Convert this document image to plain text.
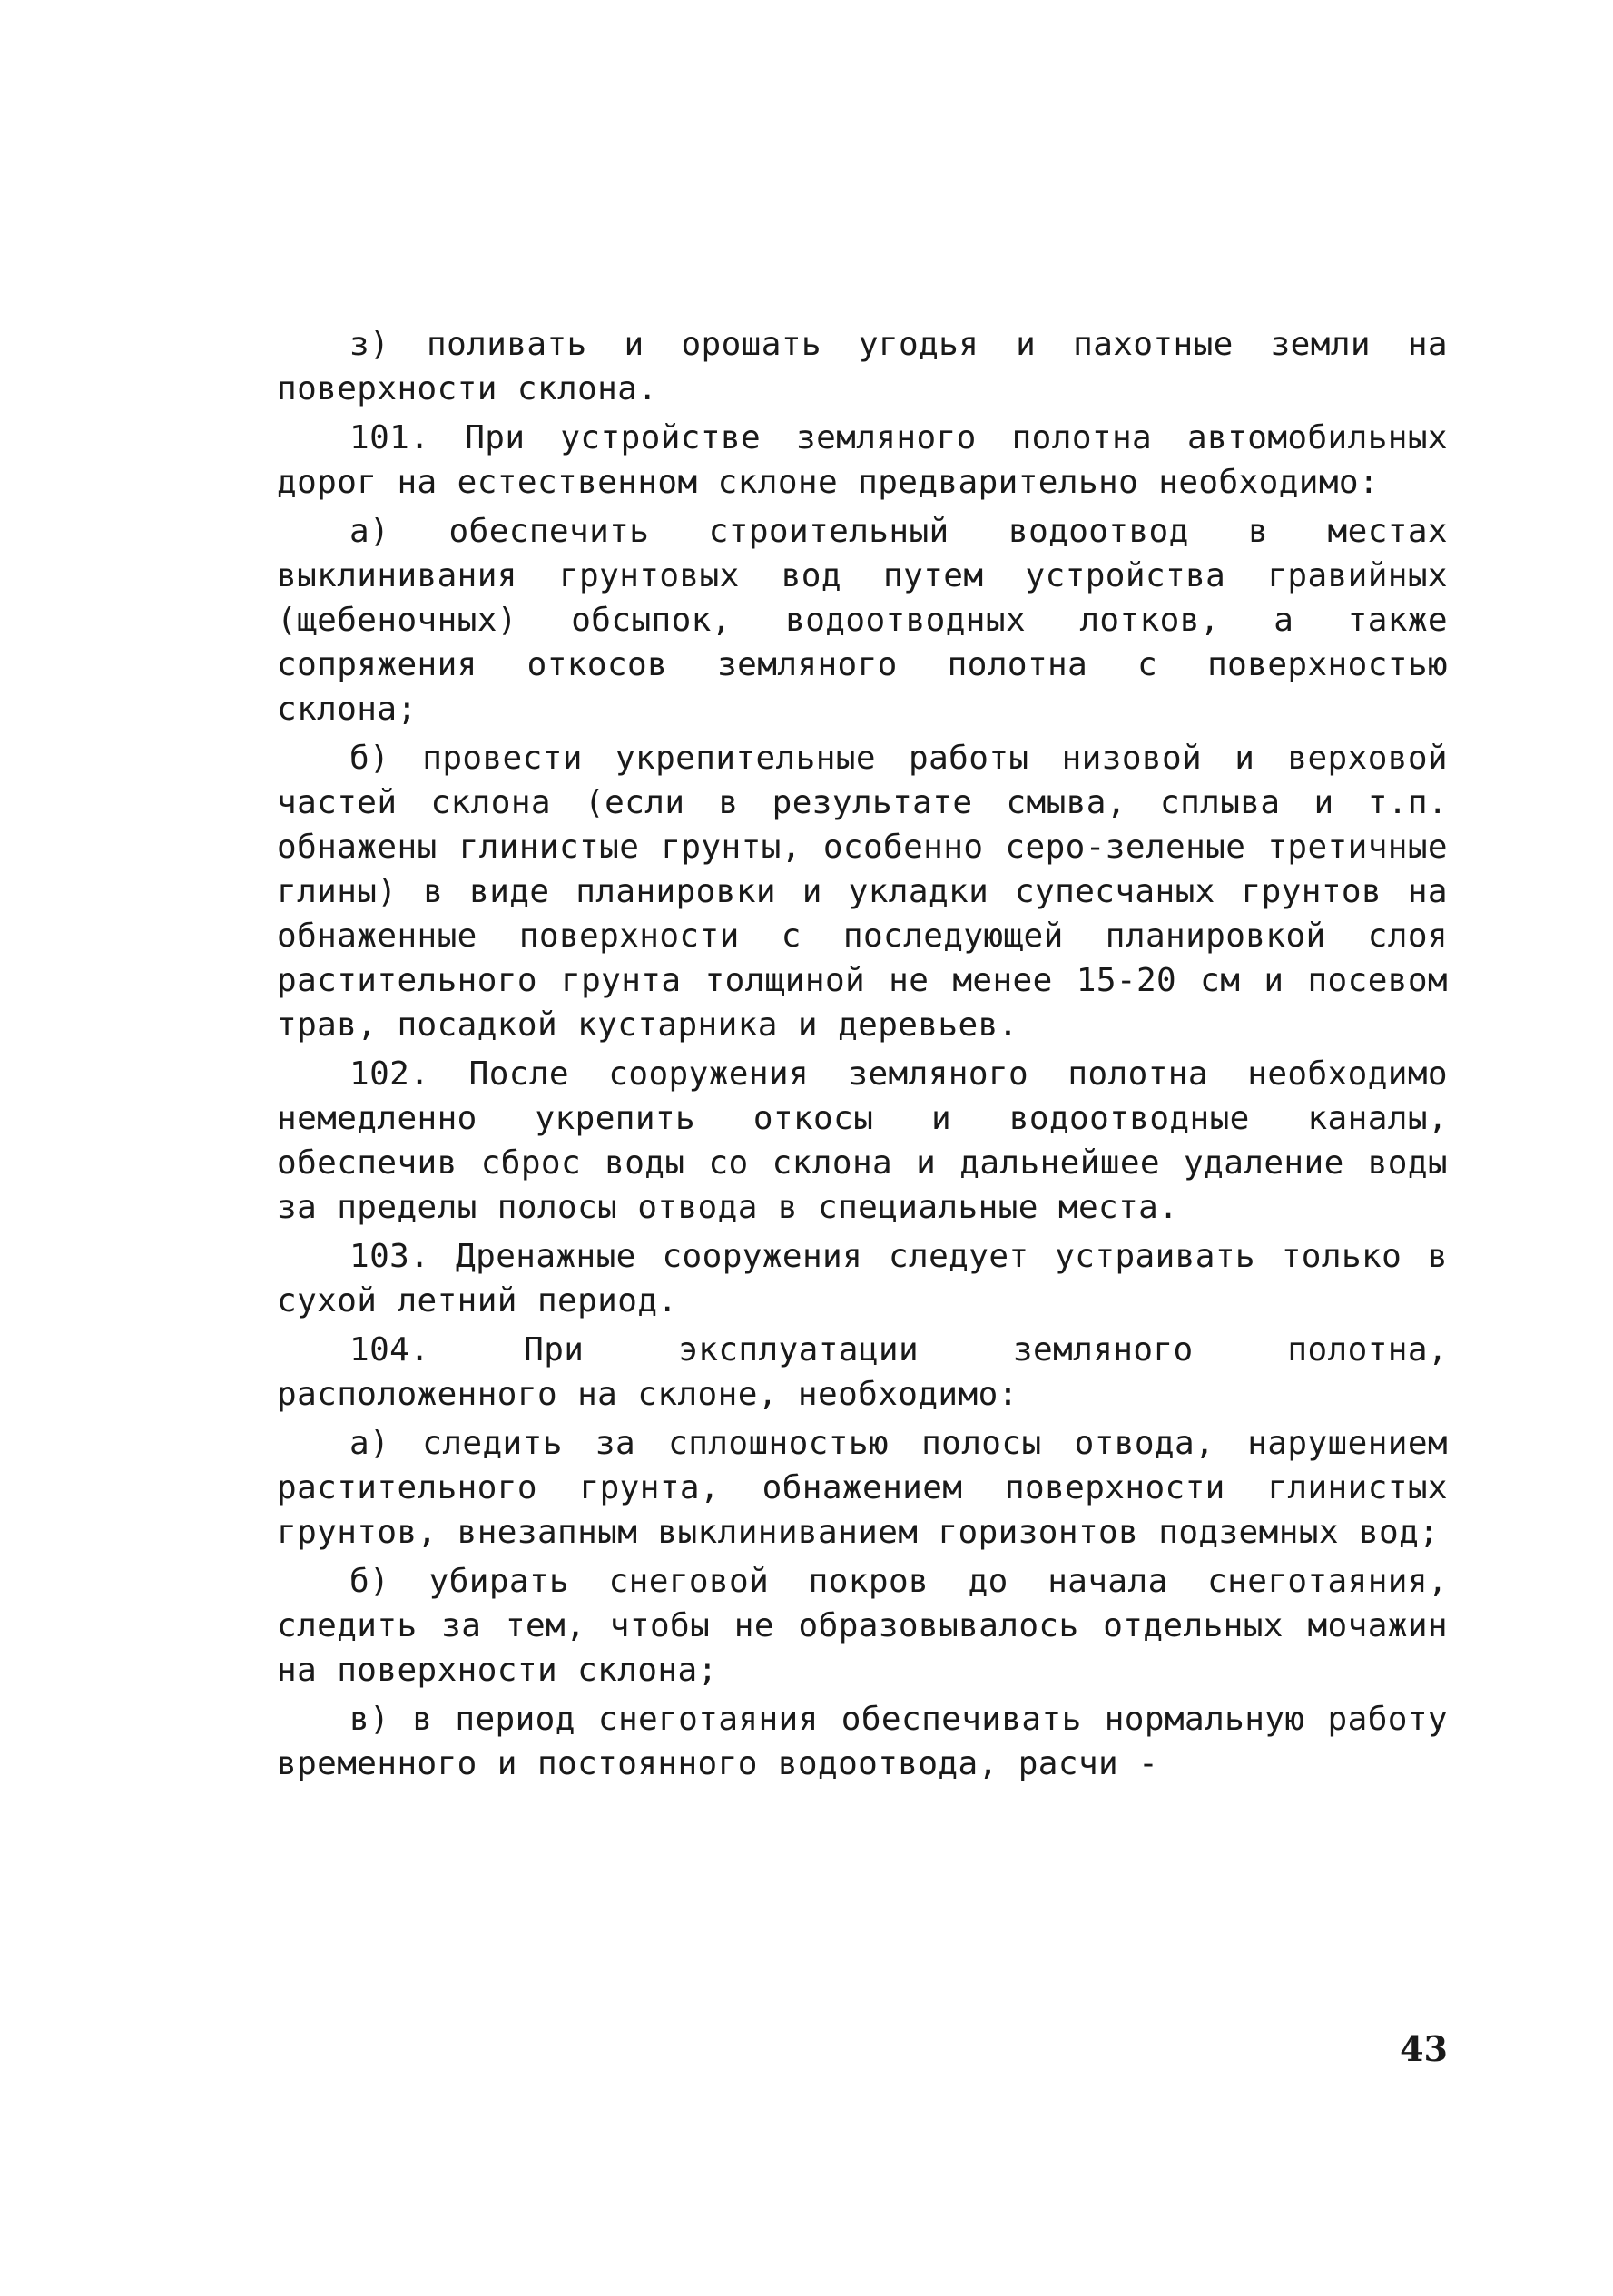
з) поливать и орошать угодья и пахотные земли на поверхности склона.

101. При устройстве земляного полотна автомобильных дорог на естественном склоне предварительно необходимо:

а) обеспечить строительный водоотвод в местах выклинивания грунтовых вод путем устройства гравийных (щебеночных) обсыпок, водоотводных лотков, а также сопряжения откосов земляного полотна с поверхностью склона;

б) провести укрепительные работы низовой и верховой частей склона (если в результате смыва, сплыва и т.п. обнажены глинистые грунты, особенно серо-зеленые третичные глины) в виде планировки и укладки супесчаных грунтов на обнаженные поверхности с последующей планировкой слоя растительного грунта толщиной не менее 15-20 см и посевом трав, посадкой кустарника и деревьев.

102. После сооружения земляного полотна необходимо немедленно укрепить откосы и водоотводные каналы, обеспечив сброс воды со склона и дальнейшее удаление воды за пределы полосы отвода в специальные места.

103. Дренажные сооружения следует устраивать только в сухой летний период.

104. При эксплуатации земляного полотна, расположенного на склоне, необходимо:

а) следить за сплошностью полосы отвода, нарушением растительного грунта, обнажением поверхности глинистых грунтов, внезапным выклиниванием горизонтов подземных вод;

б) убирать снеговой покров до начала снеготаяния, следить за тем, чтобы не образовывалось отдельных мочажин на поверхности склона;

в) в период снеготаяния обеспечивать нормальную работу временного и постоянного водоотвода, расчи -

43
